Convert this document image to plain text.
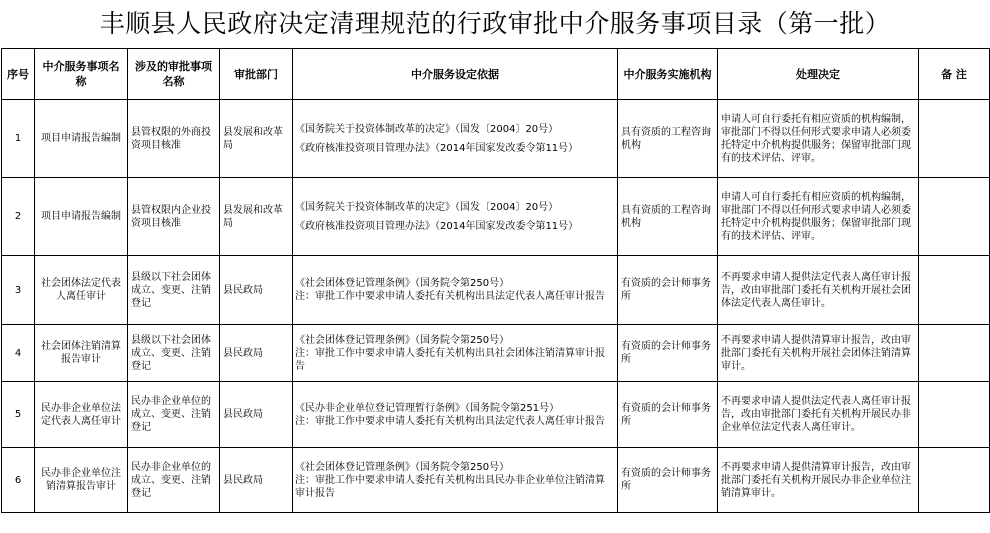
丰顺县人民政府决定清理规范的行政审批中介服务事项目录（第一批）
序号	中介服务事项名称	涉及的审批事项名称	审批部门	中介服务设定依据	中介服务实施机构	处理决定	备 注
1	项目申请报告编制	县管权限的外商投资项目核准	县发展和改革局	《国务院关于投资体制改革的决定》（国发〔2004〕20号）
《政府核准投资项目管理办法》（2014年国家发改委令第11号）	具有资质的工程咨询机构	申请人可自行委托有相应资质的机构编制，审批部门不得以任何形式要求申请人必须委托特定中介机构提供服务；保留审批部门现有的技术评估、评审。	
2	项目申请报告编制	县管权限内企业投资项目核准	县发展和改革局	《国务院关于投资体制改革的决定》（国发〔2004〕20号）
《政府核准投资项目管理办法》（2014年国家发改委令第11号）	具有资质的工程咨询机构	申请人可自行委托有相应资质的机构编制，审批部门不得以任何形式要求申请人必须委托特定中介机构提供服务；保留审批部门现有的技术评估、评审。	
3	社会团体法定代表人离任审计	县级以下社会团体成立、变更、注销登记	县民政局	《社会团体登记管理条例》（国务院令第250号）
注：审批工作中要求申请人委托有关机构出具法定代表人离任审计报告	有资质的会计师事务所	不再要求申请人提供法定代表人离任审计报告，改由审批部门委托有关机构开展社会团体法定代表人离任审计。	
4	社会团体注销清算报告审计	县级以下社会团体成立、变更、注销登记	县民政局	《社会团体登记管理条例》（国务院令第250号）
注：审批工作中要求申请人委托有关机构出具社会团体注销清算审计报告	有资质的会计师事务所	不再要求申请人提供清算审计报告，改由审批部门委托有关机构开展社会团体注销清算审计。	
5	民办非企业单位法定代表人离任审计	民办非企业单位的成立、变更、注销登记	县民政局	《民办非企业单位登记管理暂行条例》（国务院令第251号）
注：审批工作中要求申请人委托有关机构出具法定代表人离任审计报告	有资质的会计师事务所	不再要求申请人提供法定代表人离任审计报告，改由审批部门委托有关机构开展民办非企业单位法定代表人离任审计。	
6	民办非企业单位注销清算报告审计	民办非企业单位的成立、变更、注销登记	县民政局	《社会团体登记管理条例》（国务院令第250号）
注：审批工作中要求申请人委托有关机构出具民办非企业单位注销清算审计报告	有资质的会计师事务所	不再要求申请人提供清算审计报告，改由审批部门委托有关机构开展民办非企业单位注销清算审计。	
